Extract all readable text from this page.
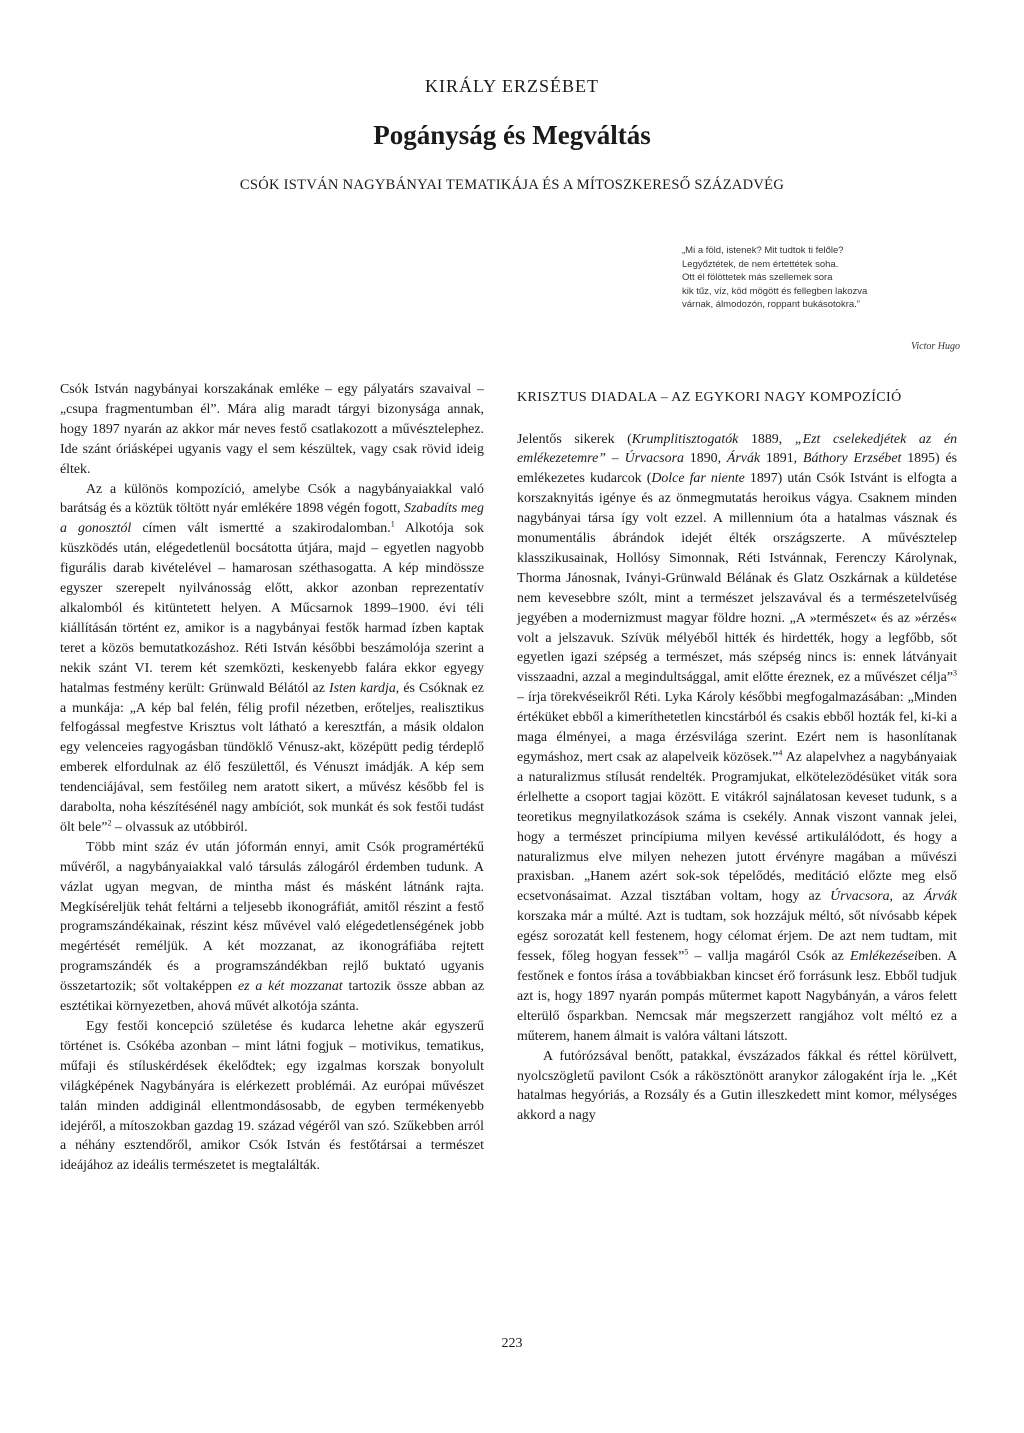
KIRÁLY ERZSÉBET
Pogányság és Megváltás
CSÓK ISTVÁN NAGYBÁNYAI TEMATIKÁJA ÉS A MÍTOSZKERESŐ SZÁZADVÉG
„Mi a föld, istenek? Mit tudtok ti felőle?
Legyőztétek, de nem értettétek soha.
Ott él fölöttetek más szellemek sora
kik tűz, víz, köd mögött és fellegben lakozva
várnak, álmodozón, roppant bukásotokra.”
Victor Hugo

Csók István nagybányai korszakának emléke – egy pályatárs szavaival – „csupa fragmentumban él”. Mára alig maradt tárgyi bizonysága annak, hogy 1897 nyarán az akkor már neves festő csatlakozott a művésztelephez. Ide szánt óriásképei ugyanis vagy el sem készültek, vagy csak rövid ideig éltek.

Az a különös kompozíció, amelybe Csók a nagybányaiakkal való barátság és a köztük töltött nyár emlékére 1898 végén fogott, Szabadíts meg a gonosztól címen vált ismertté a szakirodalomban.$^1$ Alkotója sok küszködés után, elégedetlenül bocsátotta útjára, majd – egyetlen nagyobb figurális darab kivételével – hamarosan széthasogatta. A kép mindössze egyszer szerepelt nyilvánosság előtt, akkor azonban reprezentatív alkalomból és kitüntetett helyen. A Műcsarnok 1899–1900. évi téli kiállításán történt ez, amikor is a nagybányai festők harmad ízben kaptak teret a közös bemutatkozáshoz. Réti István későbbi beszámolója szerint a nekik szánt VI. terem két szemközti, keskenyebb falára ekkor egyegy hatalmas festmény került: Grünwald Bélától az Isten kardja, és Csóknak ez a munkája: „A kép bal felén, félig profil nézetben, erőteljes, realisztikus felfogással megfestve Krisztus volt látható a keresztfán, a másik oldalon egy velenceies ragyogásban tündöklő Vénusz-akt, középütt pedig térdeplő emberek elfordulnak az élő feszülettől, és Vénuszt imádják. A kép sem tendenciájával, sem festőileg nem aratott sikert, a művész később fel is darabolta, noha készítésénél nagy ambíciót, sok munkát és sok festői tudást ölt bele”$^2$ – olvassuk az utóbbiról.

Több mint száz év után jóformán ennyi, amit Csók programértékű művéről, a nagybányaiakkal való társulás zálogáról érdemben tudunk. A vázlat ugyan megvan, de mintha mást és másként látnánk rajta. Megkíséreljük tehát feltárni a teljesebb ikonográfiát, amitől részint a festő programszándékainak, részint kész művével való elégedetlenségének jobb megértését reméljük. A két mozzanat, az ikonográfiába rejtett programszándék és a programszándékban rejlő buktató ugyanis összetartozik; sőt voltaképpen ez a két mozzanat tartozik össze abban az esztétikai környezetben, ahová művét alkotója szánta.

Egy festői koncepció születése és kudarca lehetne akár egyszerű történet is. Csókéba azonban – mint látni fogjuk – motivikus, tematikus, műfaji és stíluskérdések ékelődtek; egy izgalmas korszak bonyolult világképének Nagybányára is elérkezett problémái. Az európai művészet talán minden addiginál ellentmondásosabb, de egyben termékenyebb idejéről, a mítoszokban gazdag 19. század végéről van szó. Szűkebben arról a néhány esztendőről, amikor Csók István és festőtársai a természet ideájához az ideális természetet is megtalálták.

KRISZTUS DIADALA – AZ EGYKORI NAGY KOMPOZÍCIÓ

Jelentős sikerek (Krumplitisztogatók 1889, „Ezt cselekedjétek az én emlékezetemre” – Úrvacsora 1890, Árvák 1891, Báthory Erzsébet 1895) és emlékezetes kudarcok (Dolce far niente 1897) után Csók Istvánt is elfogta a korszaknyitás igénye és az önmegmutatás heroikus vágya. Csaknem minden nagybányai társa így volt ezzel. A millennium óta a hatalmas vásznak és monumentális ábrándok idejét élték országszerte. A művésztelep klasszikusainak, Hollósy Simonnak, Réti Istvánnak, Ferenczy Károlynak, Thorma Jánosnak, Iványi-Grünwald Bélának és Glatz Oszkárnak a küldetése nem kevesebbre szólt, mint a természet jelszavával és a természetelvűség jegyében a modernizmust magyar földre hozni. „A »természet« és az »érzés« volt a jelszavuk. Szívük mélyéből hitték és hirdették, hogy a legfőbb, sőt egyetlen igazi szépség a természet, más szépség nincs is: ennek látványait visszaadni, azzal a megindultsággal, amit előtte éreznek, ez a művészet célja”$^3$ – írja törekvéseikről Réti. Lyka Károly későbbi megfogalmazásában: „Minden értéküket ebből a kimeríthetetlen kincstárból és csakis ebből hozták fel, ki-ki a maga élményei, a maga érzésvilága szerint. Ezért nem is hasonlítanak egymáshoz, mert csak az alapelveik közösek.”$^4$ Az alapelvhez a nagybányaiak a naturalizmus stílusát rendelték. Programjukat, elkötelezödésüket viták sora érlelhette a csoport tagjai között. E vitákról sajnálatosan keveset tudunk, s a teoretikus megnyilatkozások száma is csekély. Annak viszont vannak jelei, hogy a természet princípiuma milyen kevéssé artikulálódott, és hogy a naturalizmus elve milyen nehezen jutott érvényre magában a művészi praxisban. „Hanem azért sok-sok tépelődés, meditáció előzte meg első ecsetvonásaimat. Azzal tisztában voltam, hogy az Úrvacsora, az Árvák korszaka már a múlté. Azt is tudtam, sok hozzájuk méltó, sőt nívósabb képek egész sorozatát kell festenem, hogy célomat érjem. De azt nem tudtam, mit fessek, főleg hogyan fessek”$^5$ – vallja magáról Csók az Emlékezéseiben. A festőnek e fontos írása a továbbiakban kincset érő forrásunk lesz. Ebből tudjuk azt is, hogy 1897 nyarán pompás műtermet kapott Nagybányán, a város felett elterülő ősparkban. Nemcsak már megszerzett rangjához volt méltó ez a műterem, hanem álmait is valóra váltani látszott.

A futórózsával benőtt, patakkal, évszázados fákkal és réttel körülvett, nyolcszögletű pavilont Csók a rákösztönött aranykor zálogaként írja le. „Két hatalmas hegyóriás, a Rozsály és a Gutin illeszkedett mint komor, mélységes akkord a nagy

223
